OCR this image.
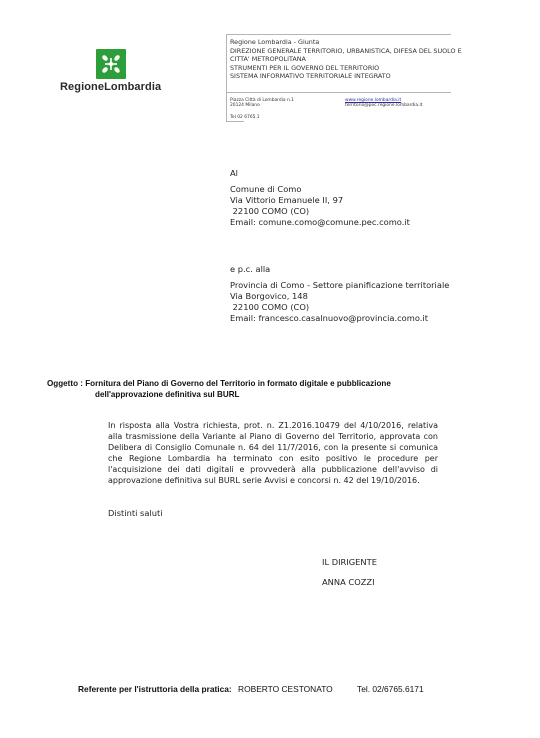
RegioneLombardia
Regione Lombardia - Giunta
DIREZIONE GENERALE TERRITORIO, URBANISTICA, DIFESA DEL SUOLO E
CITTA' METROPOLITANA
STRUMENTI PER IL GOVERNO DEL TERRITORIO
SISTEMA INFORMATIVO TERRITORIALE INTEGRATO
Piazza Città di Lombardia n.1
20124 Milano
Tel 02 6765.1
www.regione.lombardia.it
territorio@pec.regione.lombardia.it
Al
Comune di Como
Via Vittorio Emanuele II, 97
22100 COMO (CO)
Email: comune.como@comune.pec.como.it
e p.c. alla
Provincia di Como - Settore pianificazione territoriale
Via Borgovico, 148
22100 COMO (CO)
Email: francesco.casalnuovo@provincia.como.it
Oggetto : Fornitura del Piano di Governo del Territorio in formato digitale e pubblicazione
dell'approvazione definitiva sul BURL
In risposta alla Vostra richiesta, prot. n. Z1.2016.10479 del 4/10/2016, relativa alla trasmissione della Variante al Piano di Governo del Territorio, approvata con Delibera di Consiglio Comunale n. 64 del 11/7/2016, con la presente si comunica che Regione Lombardia ha terminato con esito positivo le procedure per l'acquisizione dei dati digitali e provvederà alla pubblicazione dell'avviso di approvazione definitiva sul BURL serie Avvisi e concorsi n. 42 del 19/10/2016.
Distinti saluti
IL DIRIGENTE
ANNA COZZI
Referente per l'istruttoria della pratica: ROBERTO CESTONATO	Tel. 02/6765.6171
